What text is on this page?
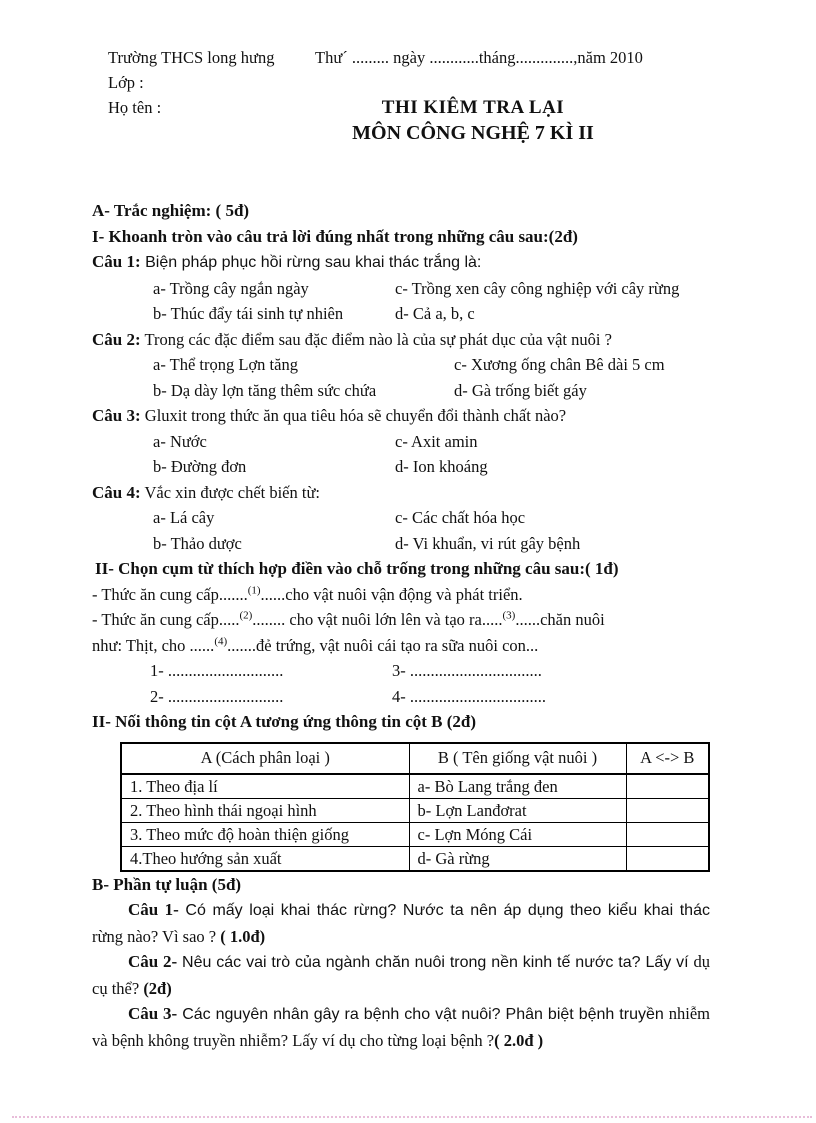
Trường THCS long hưng	Thư´ ......... ngày ............tháng..............,năm 2010
Lớp :
Họ tên :	THI KIÊM TRA LẠI
MÔN CÔNG NGHỆ 7 KÌ II

A- Trắc nghiệm: ( 5đ)

I- Khoanh tròn vào câu trả lời đúng nhất trong những câu sau:(2đ)

Câu 1: Biện pháp phục hồi rừng sau khai thác trắng là:

a- Trồng cây ngắn ngày	c- Trồng xen cây công nghiệp với cây rừng
b- Thúc đẩy tái sinh tự nhiên	d- Cả a, b, c

Câu 2: Trong các đặc điểm sau đặc điểm nào là của sự phát dục của vật nuôi ?

a- Thể trọng Lợn tăng	c- Xương ống chân Bê dài 5 cm
b- Dạ dày lợn tăng thêm sức chứa	d- Gà trống biết gáy

Câu 3: Gluxit trong thức ăn qua tiêu hóa sẽ chuyển đổi thành chất nào?

a- Nước	c- Axit amin
b- Đường đơn	d- Ion khoáng

Câu 4: Vắc xin được chết biến từ:

a- Lá cây	c- Các chất hóa học
b- Thảo dược	d- Vi khuẩn, vi rút gây bệnh

II- Chọn cụm từ thích hợp điền vào chỗ trống trong những câu sau:( 1đ)

- Thức ăn cung cấp.......$^{(1)}$......cho vật nuôi vận động và phát triển.

- Thức ăn cung cấp.....$^{(2)}$........ cho vật nuôi lớn lên và tạo ra.....$^{(3)}$......chăn nuôi

như: Thịt, cho ......$^{(4)}$.......đẻ trứng, vật nuôi cái tạo ra sữa nuôi con...

1- ............................	3- ................................
2- ............................	4- .................................

II- Nối thông tin cột A tương ứng thông tin cột B (2đ)

A (Cách phân loại )	B ( Tên giống vật nuôi )	A <-> B
1. Theo địa lí	a- Bò Lang trắng đen	
2. Theo hình thái ngoại hình	b- Lợn Lanđơrat	
3. Theo mức độ hoàn thiện giống	c- Lợn Móng Cái	
4.Theo hướng sản xuất	d- Gà rừng	

B- Phần tự luận (5đ)

Câu 1- Có mấy loại khai thác rừng? Nước ta nên áp dụng theo kiểu khai thác rừng nào? Vì sao ? ( 1.0đ)

Câu 2- Nêu các vai trò của ngành chăn nuôi trong nền kinh tế nước ta? Lấy ví dụ cụ thể? (2đ)

Câu 3- Các nguyên nhân gây ra bệnh cho vật nuôi? Phân biệt bệnh truyền nhiễm và bệnh không truyền nhiễm? Lấy ví dụ cho từng loại bệnh ?( 2.0đ )
